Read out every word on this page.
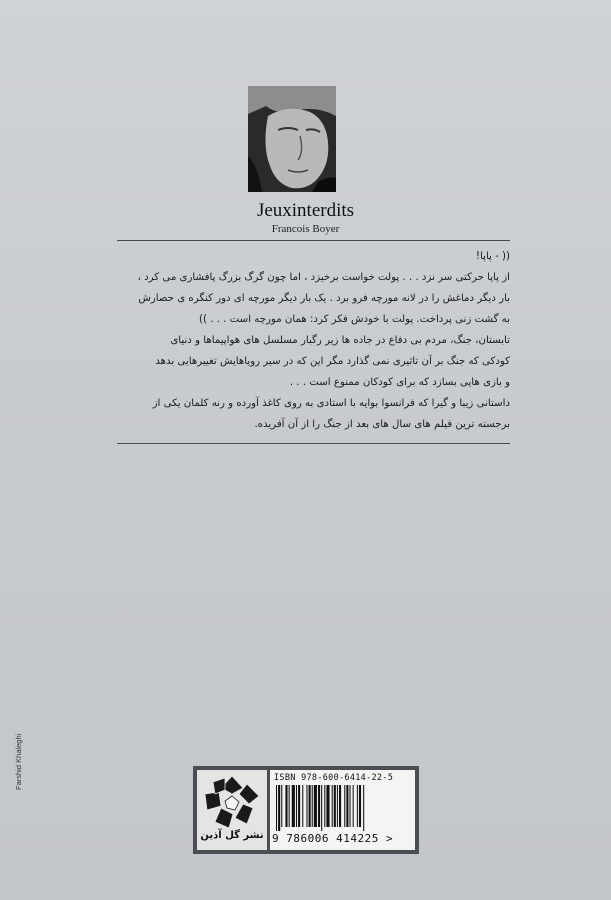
Jeuxinterdits
Francois Boyer
(( - پاپا!
از پاپا حرکتی سر نزد . . . پولت خواست برخیزد ، اما چون گرگ بزرگ پافشاری می کرد ،
بار دیگر دماغش را در لانه مورچه فرو برد . یک بار دیگر مورچه ای دور کنگره ی حصارش
به گشت زنی پرداخت. پولت با خودش فکر کرد: همان مورچه است . . . ))
تابستان، جنگ، مردم بی دفاع در جاده ها زیر رگبار مسلسل های هواپیماها و دنیای
کودکی که جنگ بر آن تاثیری نمی گذارد مگر این که در سیر رویاهایش تغییرهایی بدهد
و بازی هایی بسازد که برای کودکان ممنوع است . . .
داستانی زیبا و گیرا که فرانسوا بوایه با استادی به روی کاغذ آورده و رنه کلمان یکی از
برجسته ترین فیلم های سال های بعد از جنگ را از آن آفریده.
نشر گل آذین
ISBN 978-600-6414-22-5
9 786006 414225 >
Farshid Khaleghi
